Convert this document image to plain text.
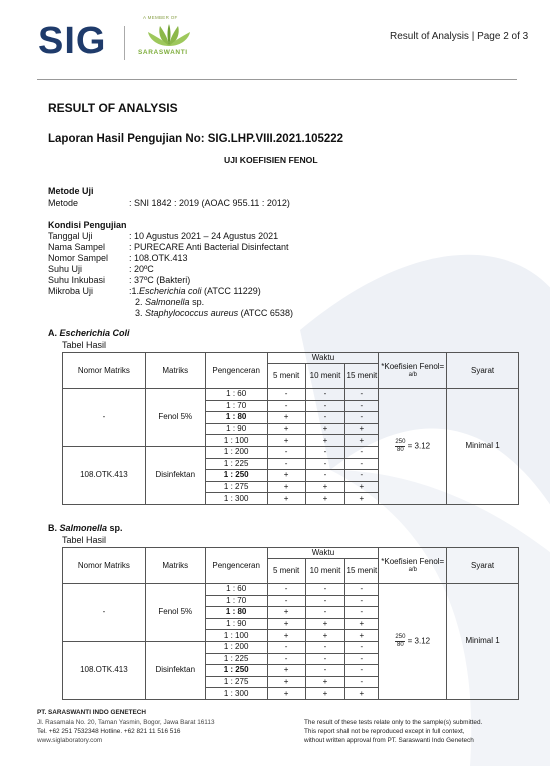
SIG
A MEMBER OF
SARASWANTI
Result of Analysis | Page 2 of 3
RESULT OF ANALYSIS
Laporan Hasil Pengujian No: SIG.LHP.VIII.2021.105222
UJI KOEFISIEN FENOL
Metode Uji
Metode	: SNI 1842 : 2019 (AOAC 955.11 : 2012)
Kondisi Pengujian
Tanggal Uji	: 10 Agustus 2021 – 24 Agustus 2021
Nama Sampel	: PURECARE Anti Bacterial Disinfectant
Nomor Sampel : 108.OTK.413
Suhu Uji	: 20ºC
Suhu Inkubasi	: 37ºC (Bakteri)
Mikroba Uji	:1. Escherichia coli (ATCC 11229)
2. Salmonella sp.
3. Staphylococcus aureus (ATCC 6538)
A. Escherichia Coli
Tabel Hasil
B. Salmonella sp.
Tabel Hasil
Nomor Matriks	Matriks	Pengenceran	Waktu			*Koefisien Fenol=
a/b	Syarat
			5 menit	10 menit	15 menit		
-	Fenol 5%	1 : 60	-	-	-	$\frac{250}{80} = 3.12$	Minimal 1
		1 : 70	-	-	-		
		1 : 80	+	-	-		
		1 : 90	+	+	+		
		1 : 100	+	+	+		
108.OTK.413	Disinfektan	1 : 200	-	-	-		
		1 : 225	-	-	-		
		1 : 250	+	-	-		
		1 : 275	+	+	+		
		1 : 300	+	+	+		
Nomor Matriks	Matriks	Pengenceran	Waktu			*Koefisien Fenol=
a/b	Syarat
			5 menit	10 menit	15 menit		
-	Fenol 5%	1 : 60	-	-	-	$\frac{250}{80} = 3.12$	Minimal 1
		1 : 70	-	-	-		
		1 : 80	+	-	-		
		1 : 90	+	+	+		
		1 : 100	+	+	+		
108.OTK.413	Disinfektan	1 : 200	-	-	-		
		1 : 225	-	-	-		
		1 : 250	+	-	-		
		1 : 275	+	+	-		
		1 : 300	+	+	+		
PT. SARASWANTI INDO GENETECH
Jl. Rasamala No. 20, Taman Yasmin, Bogor, Jawa Barat 16113
Tel. +62 251 7532348 Hotline. +62 821 11 516 516
www.siglaboratory.com
The result of these tests relate only to the sample(s) submitted.
This report shall not be reproduced except in full context,
without written approval from PT. Saraswanti Indo Genetech
